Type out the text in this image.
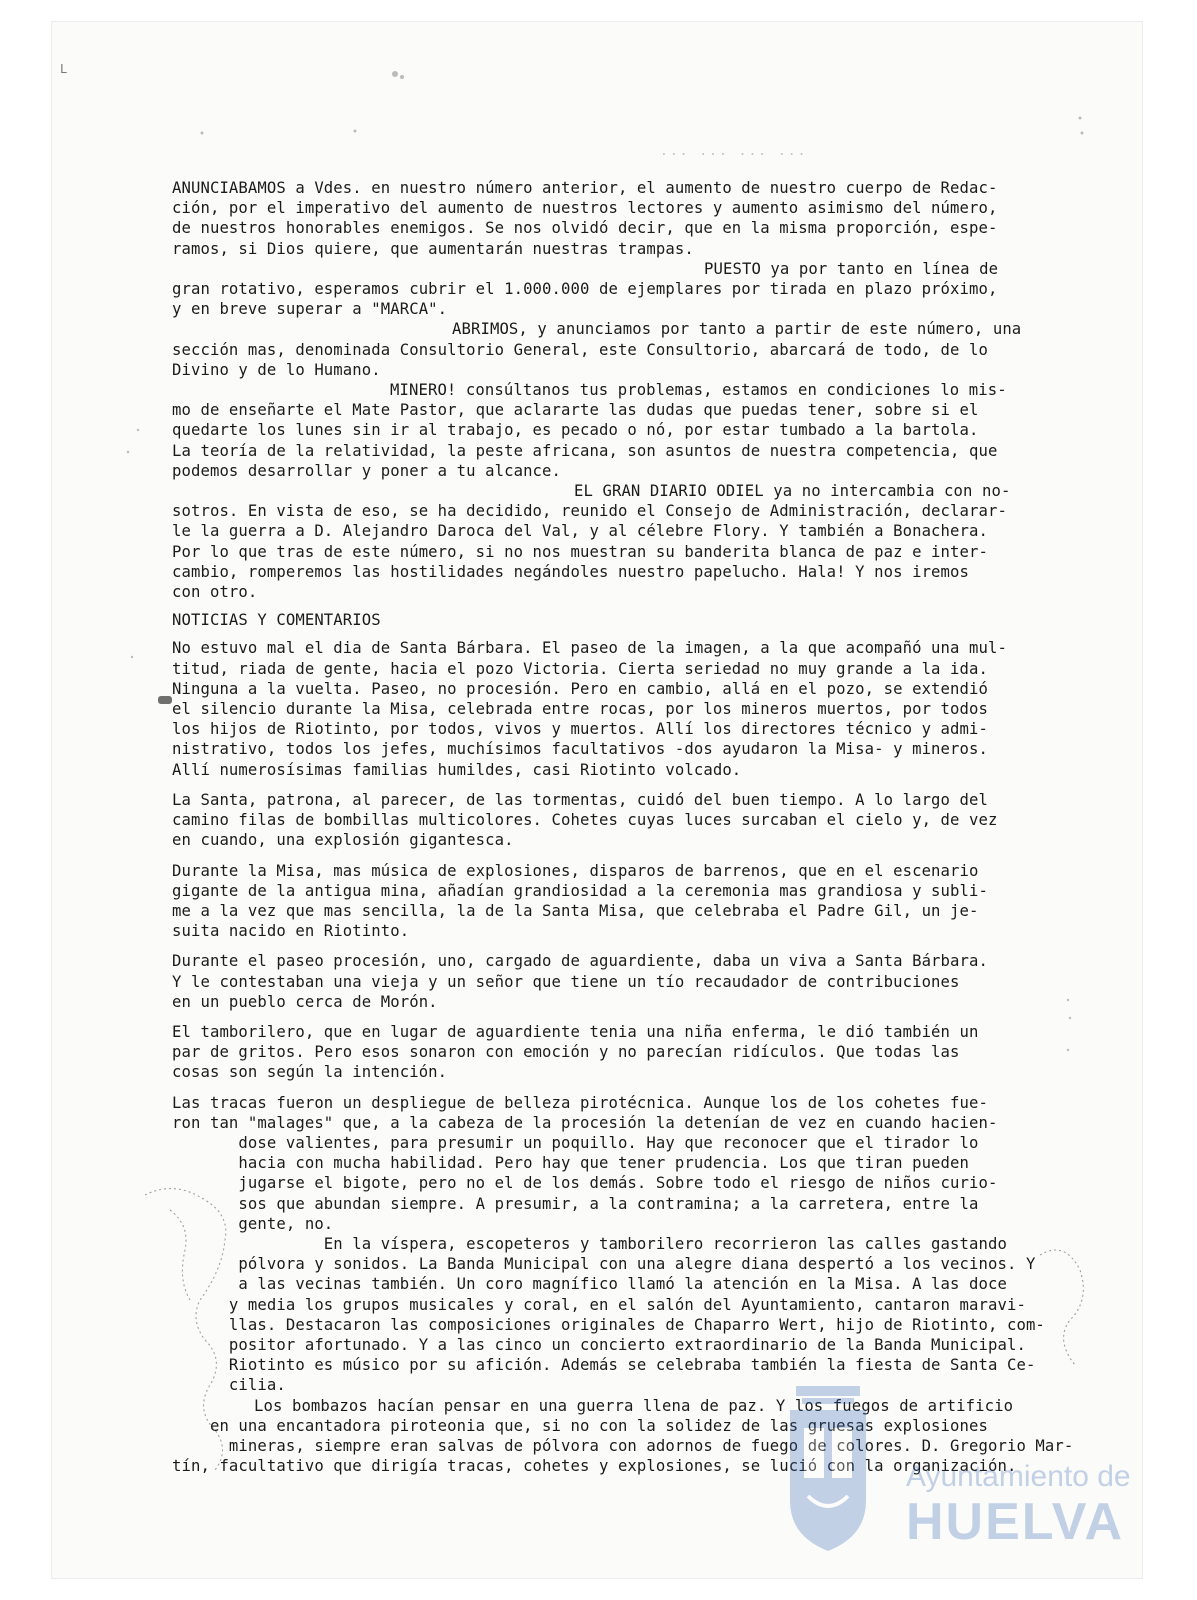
L
... ... ... ...

ANUNCIABAMOS a Vdes. en nuestro número anterior, el aumento de nuestro cuerpo de Redac-

ción, por el imperativo del aumento de nuestros lectores y aumento asimismo del número,

de nuestros honorables enemigos. Se nos olvidó decir, que en la misma proporción, espe-

ramos, si Dios quiere, que aumentarán nuestras trampas.

PUESTO ya por tanto en línea de

gran rotativo, esperamos cubrir el 1.000.000 de ejemplares por tirada en plazo próximo,

y en breve superar a "MARCA".

ABRIMOS, y anunciamos por tanto a partir de este número, una

sección mas, denominada Consultorio General, este Consultorio, abarcará de todo, de lo

Divino y de lo Humano.

MINERO! consúltanos tus problemas, estamos en condiciones lo mis-

mo de enseñarte el Mate Pastor, que aclararte las dudas que puedas tener, sobre si el

quedarte los lunes sin ir al trabajo, es pecado o nó, por estar tumbado a la bartola.

La teoría de la relatividad, la peste africana, son asuntos de nuestra competencia, que

podemos desarrollar y poner a tu alcance.

EL GRAN DIARIO ODIEL ya no intercambia con no-

sotros. En vista de eso, se ha decidido, reunido el Consejo de Administración, declarar-

le la guerra a D. Alejandro Daroca del Val, y al célebre Flory. Y también a Bonachera.

Por lo que tras de este número, si no nos muestran su banderita blanca de paz e inter-

cambio, romperemos las hostilidades negándoles nuestro papelucho. Hala! Y nos iremos

con otro.

NOTICIAS Y COMENTARIOS

No estuvo mal el dia de Santa Bárbara. El paseo de la imagen, a la que acompañó una mul-

titud, riada de gente, hacia el pozo Victoria. Cierta seriedad no muy grande a la ida.

Ninguna a la vuelta. Paseo, no procesión. Pero en cambio, allá en el pozo, se extendió

el silencio durante la Misa, celebrada entre rocas, por los mineros muertos, por todos

los hijos de Riotinto, por todos, vivos y muertos. Allí los directores técnico y admi-

nistrativo, todos los jefes, muchísimos facultativos -dos ayudaron la Misa- y mineros.

Allí numerosísimas familias humildes, casi Riotinto volcado.

La Santa, patrona, al parecer, de las tormentas, cuidó del buen tiempo. A lo largo del

camino filas de bombillas multicolores. Cohetes cuyas luces surcaban el cielo y, de vez

en cuando, una explosión gigantesca.

Durante la Misa, mas música de explosiones, disparos de barrenos, que en el escenario

gigante de la antigua mina, añadían grandiosidad a la ceremonia mas grandiosa y subli-

me a la vez que mas sencilla, la de la Santa Misa, que celebraba el Padre Gil, un je-

suita nacido en Riotinto.

Durante el paseo procesión, uno, cargado de aguardiente, daba un viva a Santa Bárbara.

Y le contestaban una vieja y un señor que tiene un tío recaudador de contribuciones

en un pueblo cerca de Morón.

El tamborilero, que en lugar de aguardiente tenia una niña enferma, le dió también un

par de gritos. Pero esos sonaron con emoción y no parecían ridículos. Que todas las

cosas son según la intención.

Las tracas fueron un despliegue de belleza pirotécnica. Aunque los de los cohetes fue-

ron tan "malages" que, a la cabeza de la procesión la detenían de vez en cuando hacien-

dose valientes, para presumir un poquillo. Hay que reconocer que el tirador lo

hacia con mucha habilidad. Pero hay que tener prudencia. Los que tiran pueden

jugarse el bigote, pero no el de los demás. Sobre todo el riesgo de niños curio-

sos que abundan siempre. A presumir, a la contramina; a la carretera, entre la

gente, no.

En la víspera, escopeteros y tamborilero recorrieron las calles gastando

pólvora y sonidos. La Banda Municipal con una alegre diana despertó a los vecinos. Y

a las vecinas también. Un coro magnífico llamó la atención en la Misa. A las doce

y media los grupos musicales y coral, en el salón del Ayuntamiento, cantaron maravi-

llas. Destacaron las composiciones originales de Chaparro Wert, hijo de Riotinto, com-

positor afortunado. Y a las cinco un concierto extraordinario de la Banda Municipal.

Riotinto es músico por su afición. Además se celebraba también la fiesta de Santa Ce-

cilia.

Los bombazos hacían pensar en una guerra llena de paz. Y los fuegos de artificio

en una encantadora piroteonia que, si no con la solidez de las gruesas explosiones

mineras, siempre eran salvas de pólvora con adornos de fuego de colores. D. Gregorio Mar-

tín, facultativo que dirigía tracas, cohetes y explosiones, se lució con la organización.

Ayuntamiento de
HUELVA
